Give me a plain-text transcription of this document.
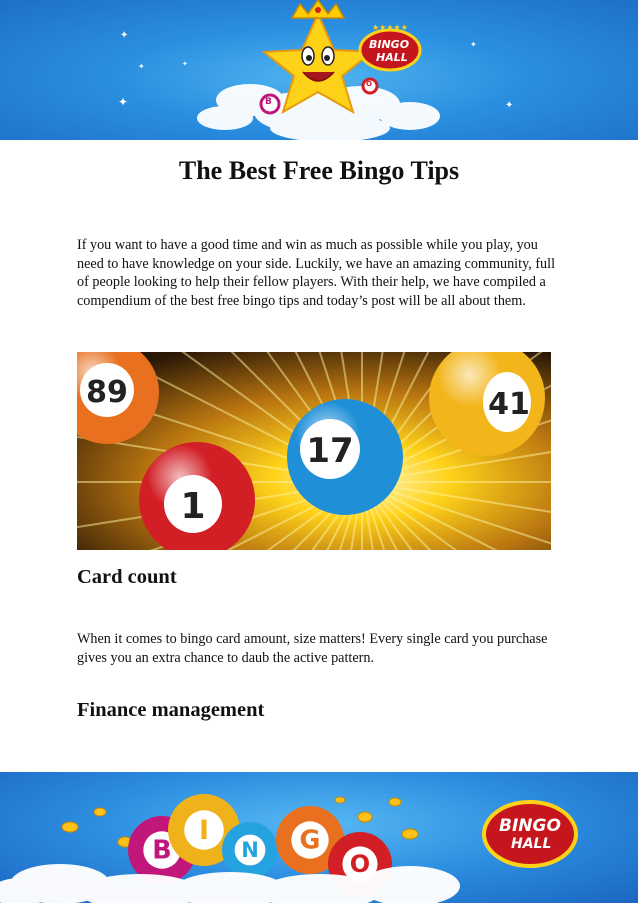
✦
✦
✦
✦
✦
✦
★★★★★
BINGO
HALL
B
O
The Best Free Bingo Tips

If you want to have a good time and win as much as possible while you play, you need to have knowledge on your side. Luckily, we have an amazing community, full of people looking to help their fellow players. With their help, we have compiled a compendium of the best free bingo tips and today’s post will be all about them.

89	41
17
1
Card count

When it comes to bingo card amount, size matters! Every single card you purchase gives you an extra chance to daub the active pattern.

Finance management
B
I
N G
O
BINGO
HALL
